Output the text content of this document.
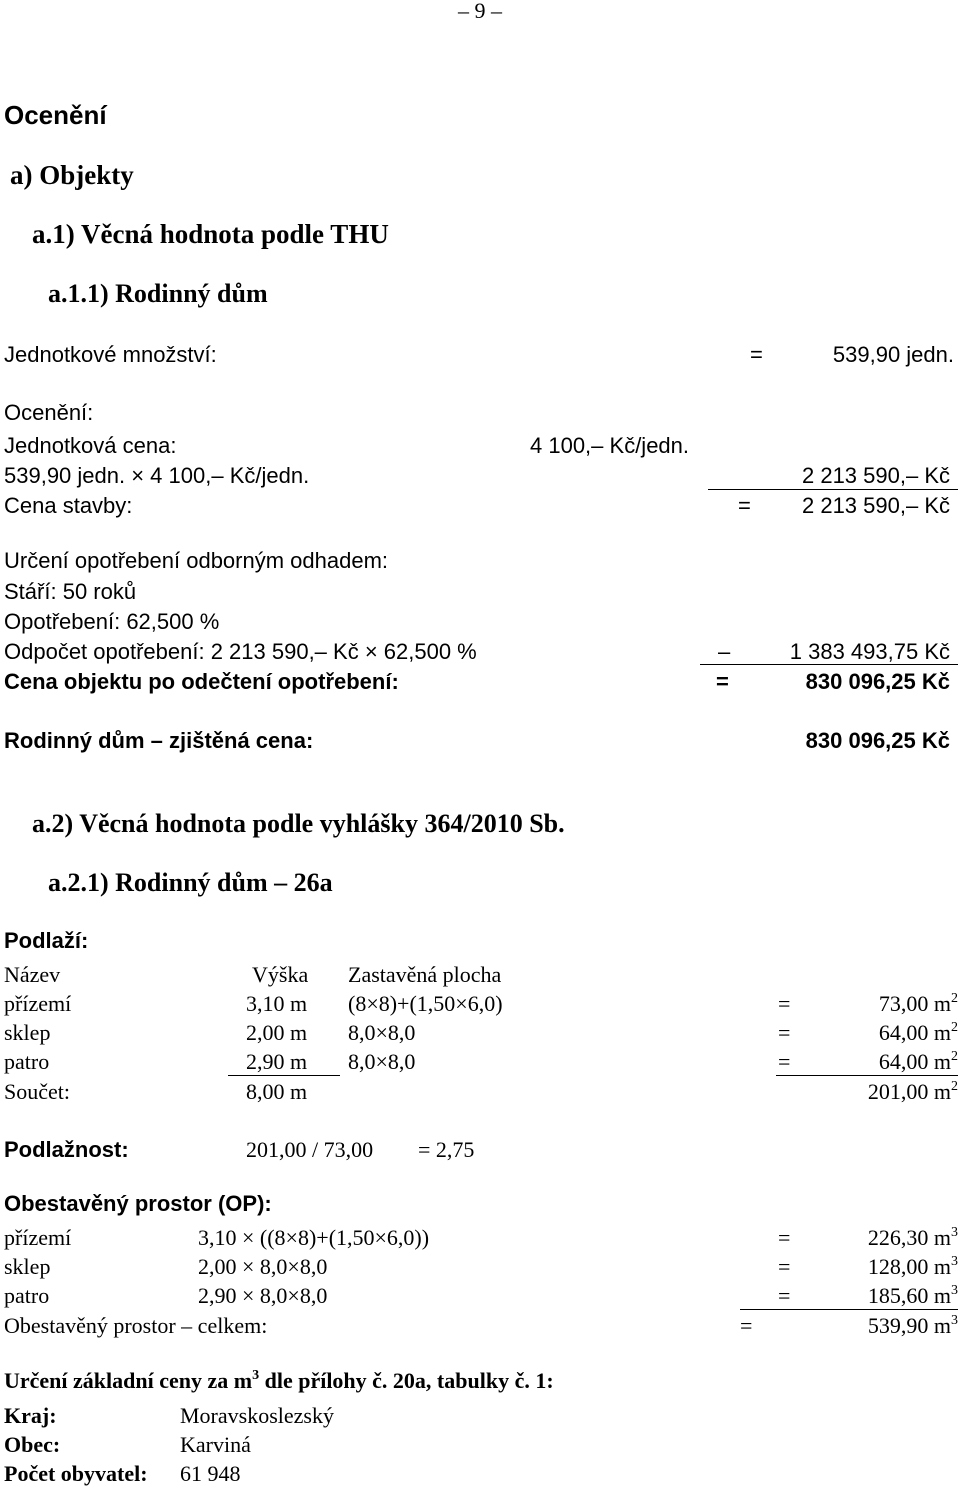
– 9 –
Ocenění
a) Objekty
a.1) Věcná hodnota podle THU
a.1.1) Rodinný dům
Jednotkové množství:	=	539,90 jedn.
Ocenění:
Jednotková cena:	4 100,– Kč/jedn.
539,90 jedn. × 4 100,– Kč/jedn.	2 213 590,– Kč
Cena stavby:	=	2 213 590,– Kč
Určení opotřebení odborným odhadem:
Stáří: 50 roků
Opotřebení: 62,500 %
Odpočet opotřebení: 2 213 590,– Kč × 62,500 %	–	1 383 493,75 Kč
Cena objektu po odečtení opotřebení:	=	830 096,25 Kč
Rodinný dům – zjištěná cena:	830 096,25 Kč
a.2) Věcná hodnota podle vyhlášky 364/2010 Sb.
a.2.1) Rodinný dům – 26a
Podlaží:
Název	Výška Zastavěná plocha
přízemí	3,10 m (8×8)+(1,50×6,0)	=	73,00 $m^2$
sklep	2,00 m 8,0×8,0	=	64,00 $m^2$
patro	2,90 m 8,0×8,0	=	64,00 $m^2$
Součet:	8,00 m	201,00 $m^2$
Podlažnost:	201,00 / 73,00 = 2,75
Obestavěný prostor (OP):
přízemí	3,10 × ((8×8)+(1,50×6,0))	=	226,30 $m^3$
sklep	2,00 × 8,0×8,0	=	128,00 $m^3$
patro	2,90 × 8,0×8,0	=	185,60 $m^3$
Obestavěný prostor – celkem:	=	539,90 $m^3$
Určení základní ceny za $m^3$ dle přílohy č. 20a, tabulky č. 1:
Kraj:	Moravskoslezský
Obec:	Karviná
Počet obyvatel: 61 948
